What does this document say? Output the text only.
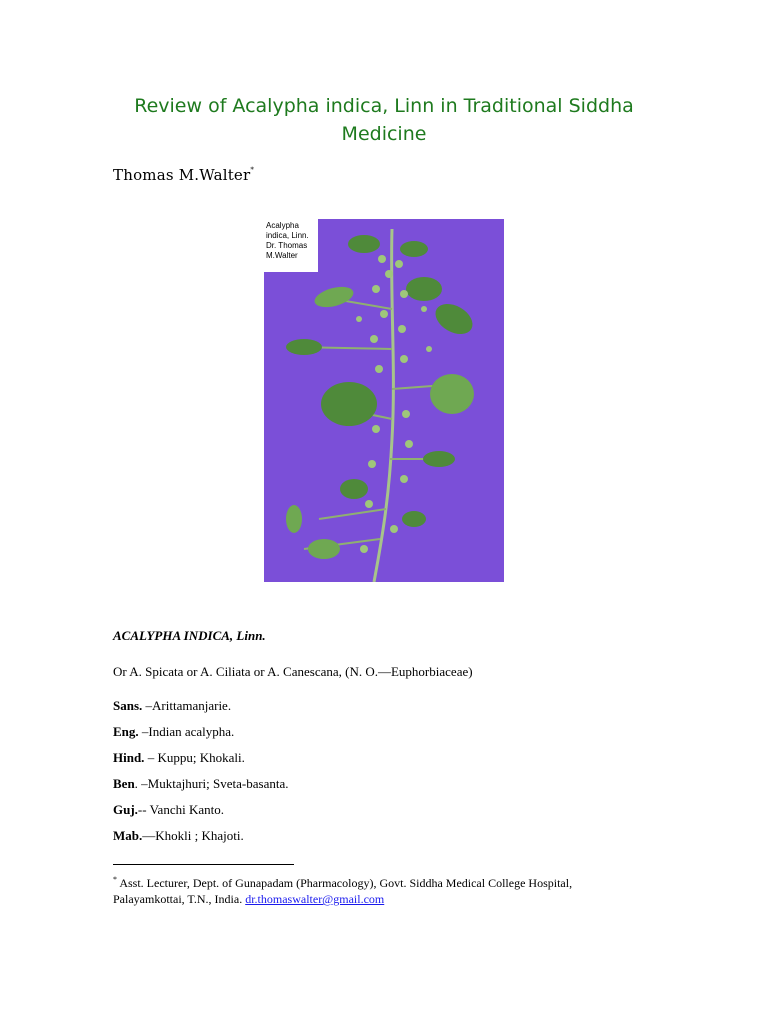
Review of Acalypha indica, Linn in Traditional Siddha
Medicine
Thomas M.Walter*
Acalypha
indica, Linn.
Dr. Thomas
M.Walter
ACALYPHA INDICA, Linn.
Or A. Spicata or A. Ciliata or A. Canescana, (N. O.—Euphorbiaceae)
Sans. –Arittamanjarie.
Eng. –Indian acalypha.
Hind. – Kuppu; Khokali.
Ben. –Muktajhuri; Sveta-basanta.
Guj.-- Vanchi Kanto.
Mab.—Khokli ; Khajoti.
* Asst. Lecturer, Dept. of Gunapadam (Pharmacology), Govt. Siddha Medical College Hospital,
Palayamkottai, T.N., India. dr.thomaswalter@gmail.com
